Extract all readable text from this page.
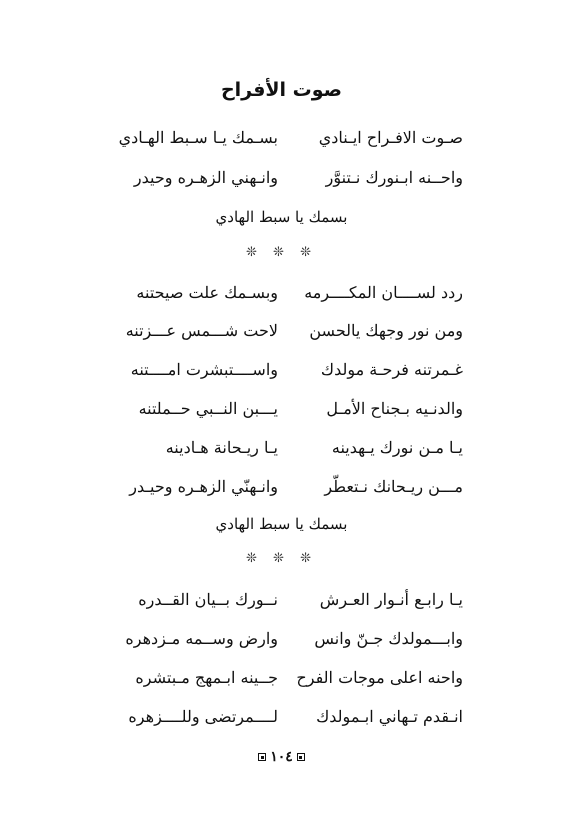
صوت الأفراح
صـوت الافـراح ايـنادي
بسـمك يـا سـبط الهـادي
واحــنه ابـنورك نـتنوَّر
وانـهني الزهـره وحيدر
بسمك يا سبط الهادي
❊ ❊ ❊
ردد لســــان المكــــرمه
وبسـمك علت صيحتنه
ومن نور وجهك يالحسن
لاحت شـــمس عـــزتنه
غـمرتنه فرحـة مولدك
واســــتبشرت امــــتنه
والدنـيه بـجناح الأمـل
يـــبن النــبي حــملتنه
يـا مـن نورك يـهدينه
يـا ريـحانة هـادينه
مـــن ريـحانك نـتعطّر
وانـهنّي الزهـره وحيـدر
بسمك يا سبط الهادي
❊ ❊ ❊
يـا رابـع أنـوار العـرش
نــورك بــيان القــدره
وابـــمولدك جـنّ وانس
وارض وســمه مـزدهره
واحنه اعلى موجات الفرح
جــينه ابـمهج مـبتشره
انـقدم تـهاني ابـمولدك
لــــمرتضى وللــــزهره
١٠٤
